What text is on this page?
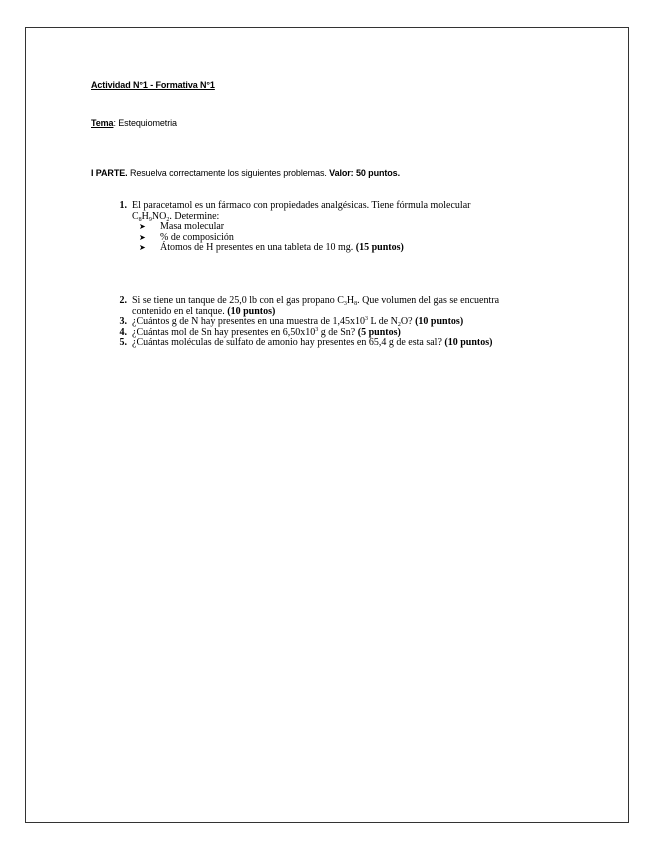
Actividad N°1 - Formativa N°1
Tema: Estequiometria
I PARTE. Resuelva correctamente los siguientes problemas. Valor: 50 puntos.
1. El paracetamol es un fármaco con propiedades analgésicas. Tiene fórmula molecular
$C_8H_9NO_2$. Determine:
➤ Masa molecular
➤ % de composición
➤ Átomos de H presentes en una tableta de 10 mg. (15 puntos)
2. Si se tiene un tanque de 25,0 lb con el gas propano $C_3H_8$. Que volumen del gas se encuentra
contenido en el tanque. (10 puntos)
3. ¿Cuántos g de N hay presentes en una muestra de $1,45x10^3$ L de $N_2O$? (10 puntos)
4. ¿Cuántas mol de Sn hay presentes en $6,50x10^3$ g de Sn? (5 puntos)
5. ¿Cuántas moléculas de sulfato de amonio hay presentes en 65,4 g de esta sal? (10 puntos)
